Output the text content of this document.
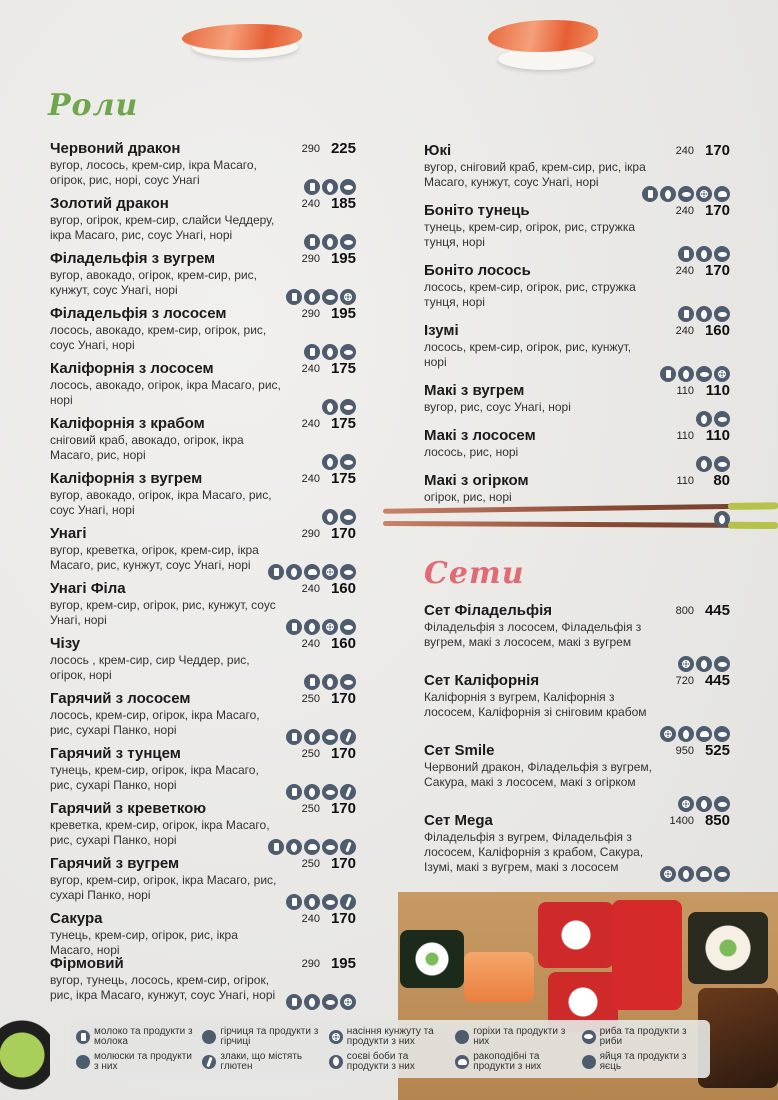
Роли
Сети
Червоний дракон
вугор, лосось, крем-сир, ікра Масаго, огірок, рис, норі, соус Унагі
290 225
Золотий дракон
вугор, огірок, крем-сир, слайси Чеддеру, ікра Масаго, рис, соус Унагі, норі
240 185
Філадельфія з вугрем
вугор, авокадо, огірок, крем-сир, рис, кунжут, соус Унагі, норі
290 195
Філадельфія з лососем
лосось, авокадо, крем-сир, огірок, рис, соус Унагі, норі
290 195
Каліфорнія з лососем
лосось, авокадо, огірок, ікра Масаго, рис, норі
240 175
Каліфорнія з крабом
сніговий краб, авокадо, огірок, ікра Масаго, рис, норі
240 175
Каліфорнія з вугрем
вугор, авокадо, огірок, ікра Масаго, рис, соус Унагі, норі
240 175
Унагі
вугор, креветка, огірок, крем-сир, ікра Масаго, рис, кунжут, соус Унагі, норі
290 170
Унагі Філа
вугор, крем-сир, огірок, рис, кунжут, соус Унагі, норі
240 160
Чізу
лосось , крем-сир, сир Чеддер, рис, огірок, норі
240 160
Гарячий з лососем
лосось, крем-сир, огірок, ікра Масаго, рис, сухарі Панко, норі
250 170
Гарячий з тунцем
тунець, крем-сир, огірок, ікра Масаго, рис, сухарі Панко, норі
250 170
Гарячий з креветкою
креветка, крем-сир, огірок, ікра Масаго, рис, сухарі Панко, норі
250 170
Гарячий з вугрем
вугор, крем-сир, огірок, ікра Масаго, рис, сухарі Панко, норі
250 170
Сакура
тунець, крем-сир, огірок, рис, ікра Масаго, норі
240 170
Фірмовий
вугор, тунець, лосось, крем-сир, огірок, рис, ікра Масаго, кунжут, соус Унагі, норі
290 195
Юкі
вугор, сніговий краб, крем-сир, рис, ікра Масаго, кунжут, соус Унагі, норі
240 170
Боніто тунець
тунець, крем-сир, огірок, рис, стружка тунця, норі
240 170
Боніто лосось
лосось, крем-сир, огірок, рис, стружка тунця, норі
240 170
Ізумі
лосось, крем-сир, огірок, рис, кунжут, норі
240 160
Макі з вугрем
вугор, рис, соус Унагі, норі
110 110
Макі з лососем
лосось, рис, норі
110 110
Макі з огірком
огірок, рис, норі
110 80
Сет Філадельфія
Філадельфія з лососем, Філадельфія з вугрем, макі з лососем, макі з вугрем
800 445
Сет Каліфорнія
Каліфорнія з вугрем, Каліфорнія з лососем, Каліфорнія зі сніговим крабом
720 445
Сет Smile
Червоний дракон, Філадельфія з вугрем, Сакура, макі з лососем, макі з огірком
950 525
Сет Mega
Філадельфія з вугрем, Філадельфія з лососем, Каліфорнія з крабом, Сакура, Ізумі, макі з вугрем, макі з лососем
1400 850
молоко та продукти з молока
гірчиця та продукти з гірчиці
насіння кунжуту та продукти з них
горіхи та продукти з них
риба та продукти з риби
молюски та продукти з них
злаки, що містять глютен
соєві боби та продукти з них
ракоподібні та продукти з них
яйця та продукти з яєць
